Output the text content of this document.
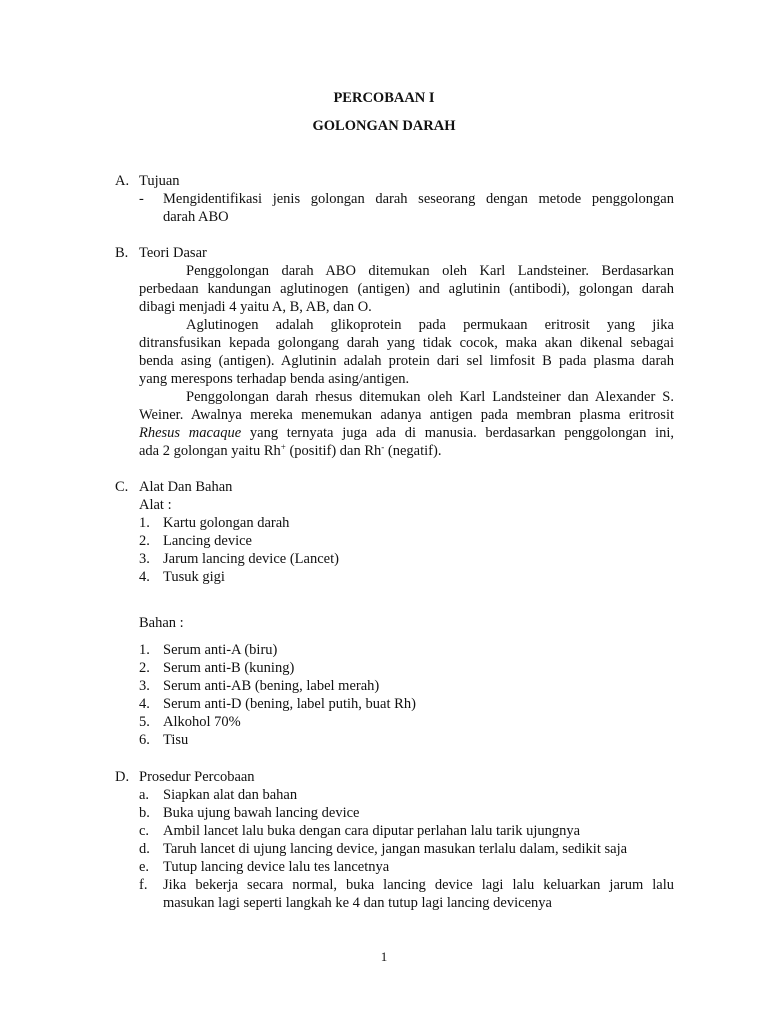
PERCOBAAN I
GOLONGAN DARAH
A. Tujuan
- Mengidentifikasi jenis golongan darah seseorang dengan metode penggolongan
darah ABO
B. Teori Dasar
Penggolongan darah ABO ditemukan oleh Karl Landsteiner. Berdasarkan
perbedaan kandungan aglutinogen (antigen) and aglutinin (antibodi), golongan darah
dibagi menjadi 4 yaitu A, B, AB, dan O.
Aglutinogen adalah glikoprotein pada permukaan eritrosit yang jika
ditransfusikan kepada golongang darah yang tidak cocok, maka akan dikenal sebagai
benda asing (antigen). Aglutinin adalah protein dari sel limfosit B pada plasma darah
yang merespons terhadap benda asing/antigen.
Penggolongan darah rhesus ditemukan oleh Karl Landsteiner dan Alexander S.
Weiner. Awalnya mereka menemukan adanya antigen pada membran plasma eritrosit
Rhesus macaque yang ternyata juga ada di manusia. berdasarkan penggolongan ini,
ada 2 golongan yaitu Rh+ (positif) dan Rh- (negatif).
C. Alat Dan Bahan
Alat :
1. Kartu golongan darah
2. Lancing device
3. Jarum lancing device (Lancet)
4. Tusuk gigi
Bahan :
1. Serum anti-A (biru)
2. Serum anti-B (kuning)
3. Serum anti-AB (bening, label merah)
4. Serum anti-D (bening, label putih, buat Rh)
5. Alkohol 70%
6. Tisu
D. Prosedur Percobaan
a. Siapkan alat dan bahan
b. Buka ujung bawah lancing device
c. Ambil lancet lalu buka dengan cara diputar perlahan lalu tarik ujungnya
d. Taruh lancet di ujung lancing device, jangan masukan terlalu dalam, sedikit saja
e. Tutup lancing device lalu tes lancetnya
f. Jika bekerja secara normal, buka lancing device lagi lalu keluarkan jarum lalu
masukan lagi seperti langkah ke 4 dan tutup lagi lancing devicenya
1
